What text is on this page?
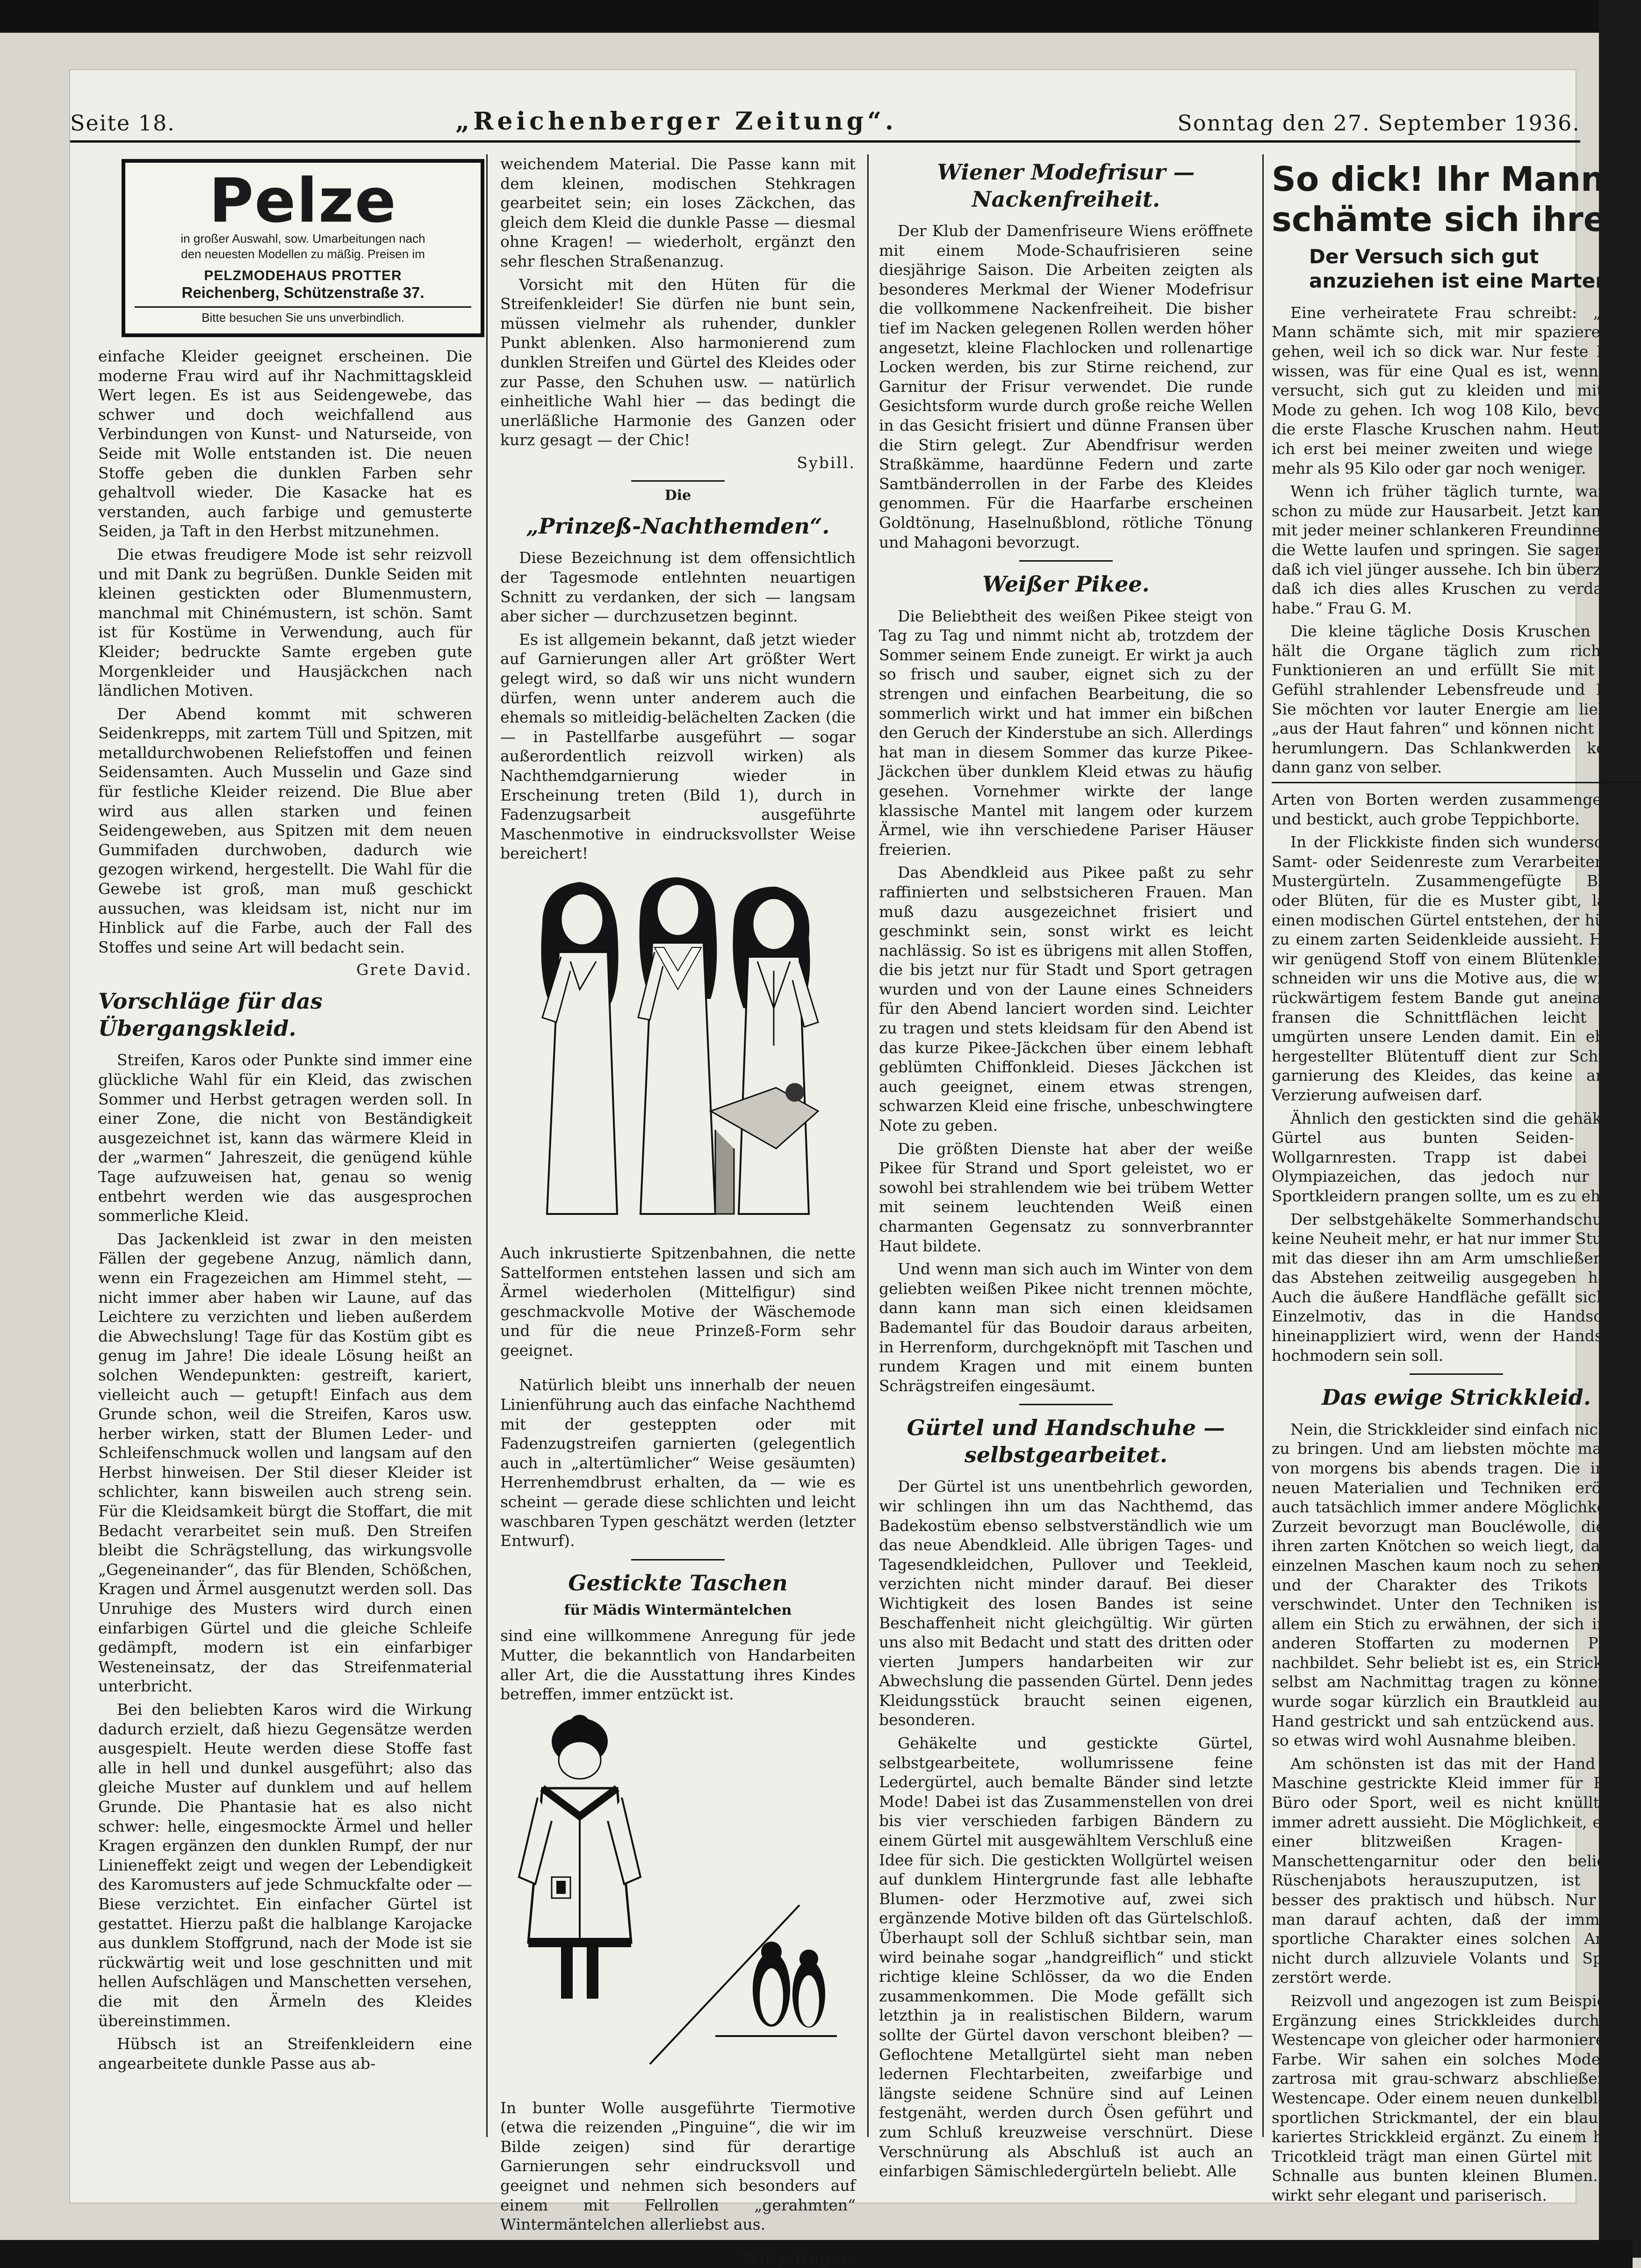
Seite 18.	„Reichenberger Zeitung“.	Sonntag den 27. September 1936.
Pelze
in großer Auswahl, sow. Umarbeitungen nach
den neuesten Modellen zu mäßig. Preisen im
PELZMODEHAUS PROTTER
Reichenberg, Schützenstraße 37.
Bitte besuchen Sie uns unverbindlich.

einfache Kleider geeignet erscheinen. Die moderne Frau wird auf ihr Nachmittagskleid Wert legen. Es ist aus Seidengewebe, das schwer und doch weichfallend aus Verbindungen von Kunst- und Naturseide, von Seide mit Wolle entstanden ist. Die neuen Stoffe geben die dunklen Farben sehr gehaltvoll wieder. Die Kasacke hat es verstanden, auch farbige und gemusterte Seiden, ja Taft in den Herbst mitzunehmen.

Die etwas freudigere Mode ist sehr reizvoll und mit Dank zu begrüßen. Dunkle Seiden mit kleinen gestickten oder Blumenmustern, manchmal mit Chinémustern, ist schön. Samt ist für Kostüme in Verwendung, auch für Kleider; bedruckte Samte ergeben gute Morgenkleider und Hausjäckchen nach ländlichen Motiven.

Der Abend kommt mit schweren Seidenkrepps, mit zartem Tüll und Spitzen, mit metalldurchwobenen Reliefstoffen und feinen Seidensamten. Auch Musselin und Gaze sind für festliche Kleider reizend. Die Blue aber wird aus allen starken und feinen Seidengeweben, aus Spitzen mit dem neuen Gummifaden durchwoben, dadurch wie gezogen wirkend, hergestellt. Die Wahl für die Gewebe ist groß, man muß geschickt aussuchen, was kleidsam ist, nicht nur im Hinblick auf die Farbe, auch der Fall des Stoffes und seine Art will bedacht sein.

Grete David.

Vorschläge für das Übergangskleid.

Streifen, Karos oder Punkte sind immer eine glückliche Wahl für ein Kleid, das zwischen Sommer und Herbst getragen werden soll. In einer Zone, die nicht von Beständigkeit ausgezeichnet ist, kann das wärmere Kleid in der „warmen“ Jahreszeit, die genügend kühle Tage aufzuweisen hat, genau so wenig entbehrt werden wie das ausgesprochen sommerliche Kleid.

Das Jackenkleid ist zwar in den meisten Fällen der gegebene Anzug, nämlich dann, wenn ein Fragezeichen am Himmel steht, — nicht immer aber haben wir Laune, auf das Leichtere zu verzichten und lieben außerdem die Abwechslung! Tage für das Kostüm gibt es genug im Jahre! Die ideale Lösung heißt an solchen Wendepunkten: gestreift, kariert, vielleicht auch — getupft! Einfach aus dem Grunde schon, weil die Streifen, Karos usw. herber wirken, statt der Blumen Leder- und Schleifenschmuck wollen und langsam auf den Herbst hinweisen. Der Stil dieser Kleider ist schlichter, kann bisweilen auch streng sein. Für die Kleidsamkeit bürgt die Stoffart, die mit Bedacht verarbeitet sein muß. Den Streifen bleibt die Schrägstellung, das wirkungsvolle „Gegeneinander“, das für Blenden, Schößchen, Kragen und Ärmel ausgenutzt werden soll. Das Unruhige des Musters wird durch einen einfarbigen Gürtel und die gleiche Schleife gedämpft, modern ist ein einfarbiger Westeneinsatz, der das Streifenmaterial unterbricht.

Bei den beliebten Karos wird die Wirkung dadurch erzielt, daß hiezu Gegensätze werden ausgespielt. Heute werden diese Stoffe fast alle in hell und dunkel ausgeführt; also das gleiche Muster auf dunklem und auf hellem Grunde. Die Phantasie hat es also nicht schwer: helle, eingesmockte Ärmel und heller Kragen ergänzen den dunklen Rumpf, der nur Linieneffekt zeigt und wegen der Lebendigkeit des Karomusters auf jede Schmuckfalte oder — Biese verzichtet. Ein einfacher Gürtel ist gestattet. Hierzu paßt die halblange Karojacke aus dunklem Stoffgrund, nach der Mode ist sie rückwärtig weit und lose geschnitten und mit hellen Aufschlägen und Manschetten versehen, die mit den Ärmeln des Kleides übereinstimmen.

Hübsch ist an Streifenkleidern eine angearbeitete dunkle Passe aus ab-

weichendem Material. Die Passe kann mit dem kleinen, modischen Stehkragen gearbeitet sein; ein loses Zäckchen, das gleich dem Kleid die dunkle Passe — diesmal ohne Kragen! — wiederholt, ergänzt den sehr fleschen Straßenanzug.

Vorsicht mit den Hüten für die Streifenkleider! Sie dürfen nie bunt sein, müssen vielmehr als ruhender, dunkler Punkt ablenken. Also harmonierend zum dunklen Streifen und Gürtel des Kleides oder zur Passe, den Schuhen usw. — natürlich einheitliche Wahl hier — das bedingt die unerläßliche Harmonie des Ganzen oder kurz gesagt — der Chic!

Sybill.

Die
„Prinzeß-Nachthemden“.

Diese Bezeichnung ist dem offensichtlich der Tagesmode entlehnten neuartigen Schnitt zu verdanken, der sich — langsam aber sicher — durchzusetzen beginnt.

Es ist allgemein bekannt, daß jetzt wieder auf Garnierungen aller Art größter Wert gelegt wird, so daß wir uns nicht wundern dürfen, wenn unter anderem auch die ehemals so mitleidig-belächelten Zacken (die — in Pastellfarbe ausgeführt — sogar außerordentlich reizvoll wirken) als Nachthemdgarnierung wieder in Erscheinung treten (Bild 1), durch in Fadenzugsarbeit ausgeführte Maschenmotive in eindrucksvollster Weise bereichert!

Auch inkrustierte Spitzenbahnen, die nette Sattelformen entstehen lassen und sich am Ärmel wiederholen (Mittelfigur) sind geschmackvolle Motive der Wäschemode und für die neue Prinzeß-Form sehr geeignet.

Natürlich bleibt uns innerhalb der neuen Linienführung auch das einfache Nachthemd mit der gesteppten oder mit Fadenzugstreifen garnierten (gelegentlich auch in „altertümlicher“ Weise gesäumten) Herrenhemdbrust erhalten, da — wie es scheint — gerade diese schlichten und leicht waschbaren Typen geschätzt werden (letzter Entwurf).

Gestickte Taschen
für Mädis Wintermäntelchen

sind eine willkommene Anregung für jede Mutter, die bekanntlich von Handarbeiten aller Art, die die Ausstattung ihres Kindes betreffen, immer entzückt ist.

In bunter Wolle ausgeführte Tiermotive (etwa die reizenden „Pinguine“, die wir im Bilde zeigen) sind für derartige Garnierungen sehr eindrucksvoll und geeignet und nehmen sich besonders auf einem mit Fellrollen „gerahmten“ Wintermäntelchen allerliebst aus.

Willy Ungar.

Wiener Modefrisur — Nackenfreiheit.

Der Klub der Damenfriseure Wiens eröffnete mit einem Mode-Schaufrisieren seine diesjährige Saison. Die Arbeiten zeigten als besonderes Merkmal der Wiener Modefrisur die vollkommene Nackenfreiheit. Die bisher tief im Nacken gelegenen Rollen werden höher angesetzt, kleine Flachlocken und rollenartige Locken werden, bis zur Stirne reichend, zur Garnitur der Frisur verwendet. Die runde Gesichtsform wurde durch große reiche Wellen in das Gesicht frisiert und dünne Fransen über die Stirn gelegt. Zur Abendfrisur werden Straßkämme, haardünne Federn und zarte Samtbänderrollen in der Farbe des Kleides genommen. Für die Haarfarbe erscheinen Goldtönung, Haselnußblond, rötliche Tönung und Mahagoni bevorzugt.

Weißer Pikee.

Die Beliebtheit des weißen Pikee steigt von Tag zu Tag und nimmt nicht ab, trotzdem der Sommer seinem Ende zuneigt. Er wirkt ja auch so frisch und sauber, eignet sich zu der strengen und einfachen Bearbeitung, die so sommerlich wirkt und hat immer ein bißchen den Geruch der Kinderstube an sich. Allerdings hat man in diesem Sommer das kurze Pikee-Jäckchen über dunklem Kleid etwas zu häufig gesehen. Vornehmer wirkte der lange klassische Mantel mit langem oder kurzem Ärmel, wie ihn verschiedene Pariser Häuser freierien.

Das Abendkleid aus Pikee paßt zu sehr raffinierten und selbstsicheren Frauen. Man muß dazu ausgezeichnet frisiert und geschminkt sein, sonst wirkt es leicht nachlässig. So ist es übrigens mit allen Stoffen, die bis jetzt nur für Stadt und Sport getragen wurden und von der Laune eines Schneiders für den Abend lanciert worden sind. Leichter zu tragen und stets kleidsam für den Abend ist das kurze Pikee-Jäckchen über einem lebhaft geblümten Chiffonkleid. Dieses Jäckchen ist auch geeignet, einem etwas strengen, schwarzen Kleid eine frische, unbeschwingtere Note zu geben.

Die größten Dienste hat aber der weiße Pikee für Strand und Sport geleistet, wo er sowohl bei strahlendem wie bei trübem Wetter mit seinem leuchtenden Weiß einen charmanten Gegensatz zu sonnverbrannter Haut bildete.

Und wenn man sich auch im Winter von dem geliebten weißen Pikee nicht trennen möchte, dann kann man sich einen kleidsamen Bademantel für das Boudoir daraus arbeiten, in Herrenform, durchgeknöpft mit Taschen und rundem Kragen und mit einem bunten Schrägstreifen eingesäumt.

Gürtel und Handschuhe — selbstgearbeitet.

Der Gürtel ist uns unentbehrlich geworden, wir schlingen ihn um das Nachthemd, das Badekostüm ebenso selbstverständlich wie um das neue Abendkleid. Alle übrigen Tages- und Tagesendkleidchen, Pullover und Teekleid, verzichten nicht minder darauf. Bei dieser Wichtigkeit des losen Bandes ist seine Beschaffenheit nicht gleichgültig. Wir gürten uns also mit Bedacht und statt des dritten oder vierten Jumpers handarbeiten wir zur Abwechslung die passenden Gürtel. Denn jedes Kleidungsstück braucht seinen eigenen, besonderen.

Gehäkelte und gestickte Gürtel, selbstgearbeitete, wollumrissene feine Ledergürtel, auch bemalte Bänder sind letzte Mode! Dabei ist das Zusammenstellen von drei bis vier verschieden farbigen Bändern zu einem Gürtel mit ausgewähltem Verschluß eine Idee für sich. Die gestickten Wollgürtel weisen auf dunklem Hintergrunde fast alle lebhafte Blumen- oder Herzmotive auf, zwei sich ergänzende Motive bilden oft das Gürtelschloß. Überhaupt soll der Schluß sichtbar sein, man wird beinahe sogar „handgreiflich“ und stickt richtige kleine Schlösser, da wo die Enden zusammenkommen. Die Mode gefällt sich letzthin ja in realistischen Bildern, warum sollte der Gürtel davon verschont bleiben? — Geflochtene Metallgürtel sieht man neben ledernen Flechtarbeiten, zweifarbige und längste seidene Schnüre sind auf Leinen festgenäht, werden durch Ösen geführt und zum Schluß kreuzweise verschnürt. Diese Verschnürung als Abschluß ist auch an einfarbigen Sämischledergürteln beliebt. Alle

So dick! Ihr Mann schämte sich ihrer
Der Versuch sich gut anzuziehen ist eine Marter

Eine verheiratete Frau schreibt: „Mein Mann schämte sich, mit mir spazieren zu gehen, weil ich so dick war. Nur feste Leute wissen, was für eine Qual es ist, wenn man versucht, sich gut zu kleiden und mit der Mode zu gehen. Ich wog 108 Kilo, bevor ich die erste Flasche Kruschen nahm. Heute bin ich erst bei meiner zweiten und wiege nicht mehr als 95 Kilo oder gar noch weniger.

Wenn ich früher täglich turnte, war ich schon zu müde zur Hausarbeit. Jetzt kann ich mit jeder meiner schlankeren Freundinnen um die Wette laufen und springen. Sie sagen mir, daß ich viel jünger aussehe. Ich bin überzeugt, daß ich dies alles Kruschen zu verdanken habe.“ Frau G. M.

Die kleine tägliche Dosis Kruschen Salts hält die Organe täglich zum richtigen Funktionieren an und erfüllt Sie mit dem Gefühl strahlender Lebensfreude und Kraft. Sie möchten vor lauter Energie am liebsten „aus der Haut fahren“ und können nicht mehr herumlungern. Das Schlankwerden kommt dann ganz von selber.

Arten von Borten werden zusammengestellt und bestickt, auch grobe Teppichborte.

In der Flickkiste finden sich wunderschöne Samt- oder Seidenreste zum Verarbeiten von Mustergürteln. Zusammengefügte Blätter oder Blüten, für die es Muster gibt, lassen einen modischen Gürtel entstehen, der hübsch zu einem zarten Seidenkleide aussieht. Haben wir genügend Stoff von einem Blütenkleid, so schneiden wir uns die Motive aus, die wir auf rückwärtigem festem Bande gut aneinander, fransen die Schnittflächen leicht und umgürten unsere Lenden damit. Ein ebenso hergestellter Blütentuff dient zur Schultergarnierung des Kleides, das keine andere Verzierung aufweisen darf.

Ähnlich den gestickten sind die gehäkelten Gürtel aus bunten Seiden- und Wollgarnresten. Trapp ist dabei das Olympiazeichen, das jedoch nur auf Sportkleidern prangen sollte, um es zu ehren.

Der selbstgehäkelte Sommerhandschuh ist keine Neuheit mehr, er hat nur immer Stulpen, mit das dieser ihn am Arm umschließen und das Abstehen zeitweilig ausgegeben haben. Auch die äußere Handfläche gefällt sich mit Einzelmotiv, das in die Handschuhe hineinappliziert wird, wenn der Handschuh hochmodern sein soll.

Das ewige Strickkleid.

Nein, die Strickkleider sind einfach nicht tot zu bringen. Und am liebsten möchte man sie von morgens bis abends tragen. Die immer neuen Materialien und Techniken eröffnen auch tatsächlich immer andere Möglichkeiten. Zurzeit bevorzugt man Boucléwolle, die mit ihren zarten Knötchen so weich liegt, daß die einzelnen Maschen kaum noch zu sehen sind und der Charakter des Trikots fast verschwindet. Unter den Techniken ist vor allem ein Stich zu erwähnen, der sich in der anderen Stoffarten zu modernen Plissés nachbildet. Sehr beliebt ist es, ein Strickkleid selbst am Nachmittag tragen zu können. Es wurde sogar kürzlich ein Brautkleid aus der Hand gestrickt und sah entzückend aus. Doch so etwas wird wohl Ausnahme bleiben.

Am schönsten ist das mit der Hand oder Maschine gestrickte Kleid immer für Reise, Büro oder Sport, weil es nicht knüllt und immer adrett aussieht. Die Möglichkeit, es mit einer blitzweißen Kragen- und Manschettengarnitur oder den beliebten Rüschenjabots herauszuputzen, ist noch besser des praktisch und hübsch. Nur muß man darauf achten, daß der immerhin sportliche Charakter eines solchen Anzugs nicht durch allzuviele Volants und Spitzen zerstört werde.

Reizvoll und angezogen ist zum Beispiel die Ergänzung eines Strickkleides durch ein Westencape von gleicher oder harmonierender Farbe. Wir sahen ein solches Modell in zartrosa mit grau-schwarz abschließendem Westencape. Oder einem neuen dunkelblauen, sportlichen Strickmantel, der ein blau-weiß kariertes Strickkleid ergänzt. Zu einem hellen Tricotkleid trägt man einen Gürtel mit einer Schnalle aus bunten kleinen Blumen. Das wirkt sehr elegant und pariserisch.
